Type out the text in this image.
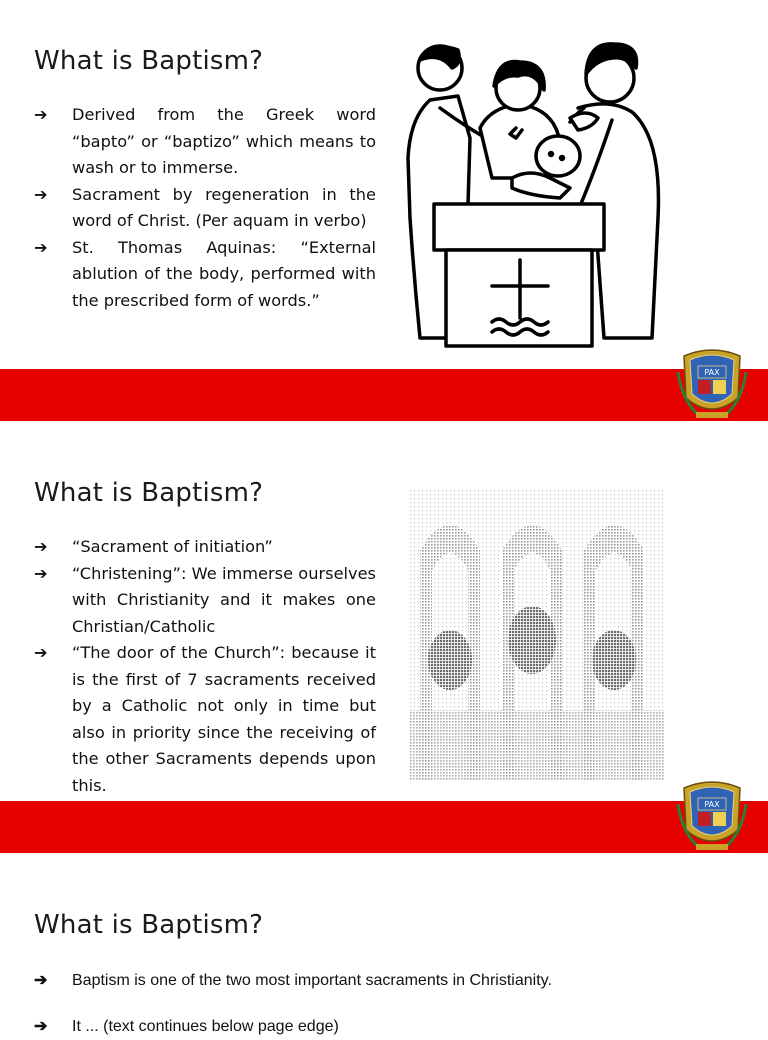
What is Baptism?
➔	Derived from the Greek word “bapto” or “baptizo” which means to wash or to immerse.
➔	Sacrament by regeneration in the word of Christ. (Per aquam in verbo)
➔	St. Thomas Aquinas: “External ablution of the body, performed with the prescribed form of words.”
PAX
What is Baptism?
➔	“Sacrament of initiation”
➔	“Christening”: We immerse ourselves with Christianity and it makes one Christian/Catholic
➔	“The door of the Church”: because it is the first of 7 sacraments received by a Catholic not only in time but also in priority since the receiving of the other Sacraments depends upon this.
PAX
What is Baptism?
➔	Baptism is one of the two most important sacraments in Christianity.
➔	It ... (text continues below page edge)
